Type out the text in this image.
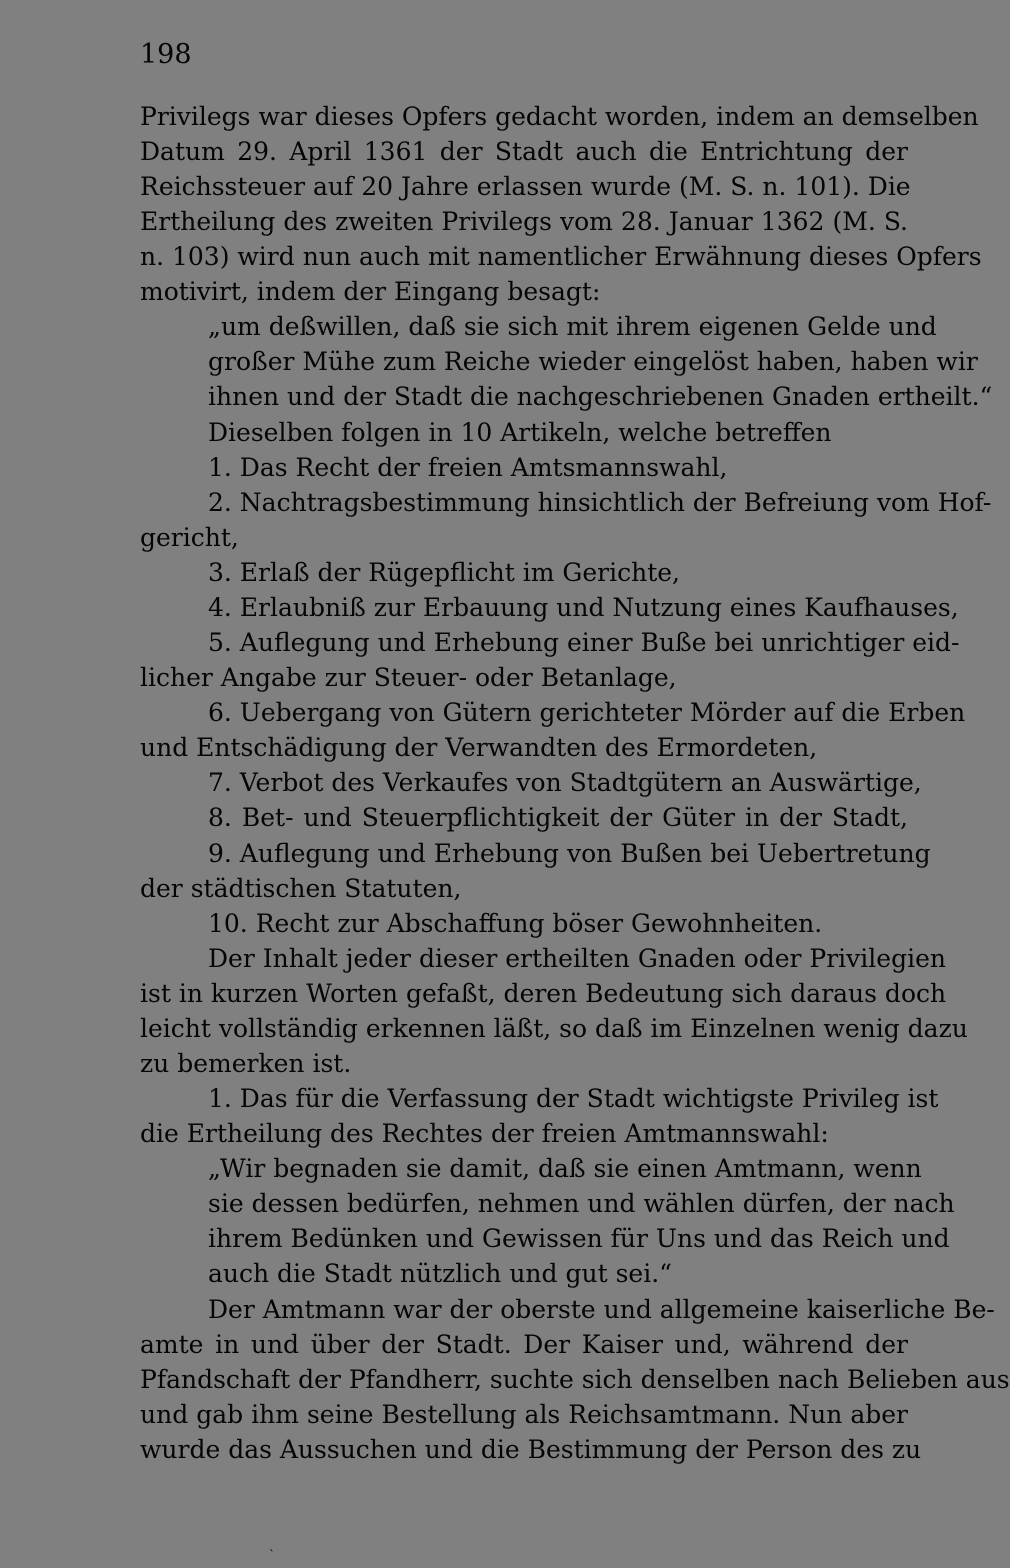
198
Privilegs war dieses Opfers gedacht worden, indem an demselben
Datum 29. April 1361 der Stadt auch die Entrichtung der
Reichssteuer auf 20 Jahre erlassen wurde (M. S. n. 101). Die
Ertheilung des zweiten Privilegs vom 28. Januar 1362 (M. S.
n. 103) wird nun auch mit namentlicher Erwähnung dieses Opfers
motivirt, indem der Eingang besagt:
„um deßwillen, daß sie sich mit ihrem eigenen Gelde und
großer Mühe zum Reiche wieder eingelöst haben, haben wir
ihnen und der Stadt die nachgeschriebenen Gnaden ertheilt.“
Dieselben folgen in 10 Artikeln, welche betreffen
1. Das Recht der freien Amtsmannswahl,
2. Nachtragsbestimmung hinsichtlich der Befreiung vom Hof-
gericht,
3. Erlaß der Rügepflicht im Gerichte,
4. Erlaubniß zur Erbauung und Nutzung eines Kaufhauses,
5. Auflegung und Erhebung einer Buße bei unrichtiger eid-
licher Angabe zur Steuer- oder Betanlage,
6. Uebergang von Gütern gerichteter Mörder auf die Erben
und Entschädigung der Verwandten des Ermordeten,
7. Verbot des Verkaufes von Stadtgütern an Auswärtige,
8. Bet- und Steuerpflichtigkeit der Güter in der Stadt,
9. Auflegung und Erhebung von Bußen bei Uebertretung
der städtischen Statuten,
10. Recht zur Abschaffung böser Gewohnheiten.
Der Inhalt jeder dieser ertheilten Gnaden oder Privilegien
ist in kurzen Worten gefaßt, deren Bedeutung sich daraus doch
leicht vollständig erkennen läßt, so daß im Einzelnen wenig dazu
zu bemerken ist.
1. Das für die Verfassung der Stadt wichtigste Privileg ist
die Ertheilung des Rechtes der freien Amtmannswahl:
„Wir begnaden sie damit, daß sie einen Amtmann, wenn
sie dessen bedürfen, nehmen und wählen dürfen, der nach
ihrem Bedünken und Gewissen für Uns und das Reich und
auch die Stadt nützlich und gut sei.“
Der Amtmann war der oberste und allgemeine kaiserliche Be-
amte in und über der Stadt. Der Kaiser und, während der
Pfandschaft der Pfandherr, suchte sich denselben nach Belieben aus
und gab ihm seine Bestellung als Reichsamtmann. Nun aber
wurde das Aussuchen und die Bestimmung der Person des zu
`
